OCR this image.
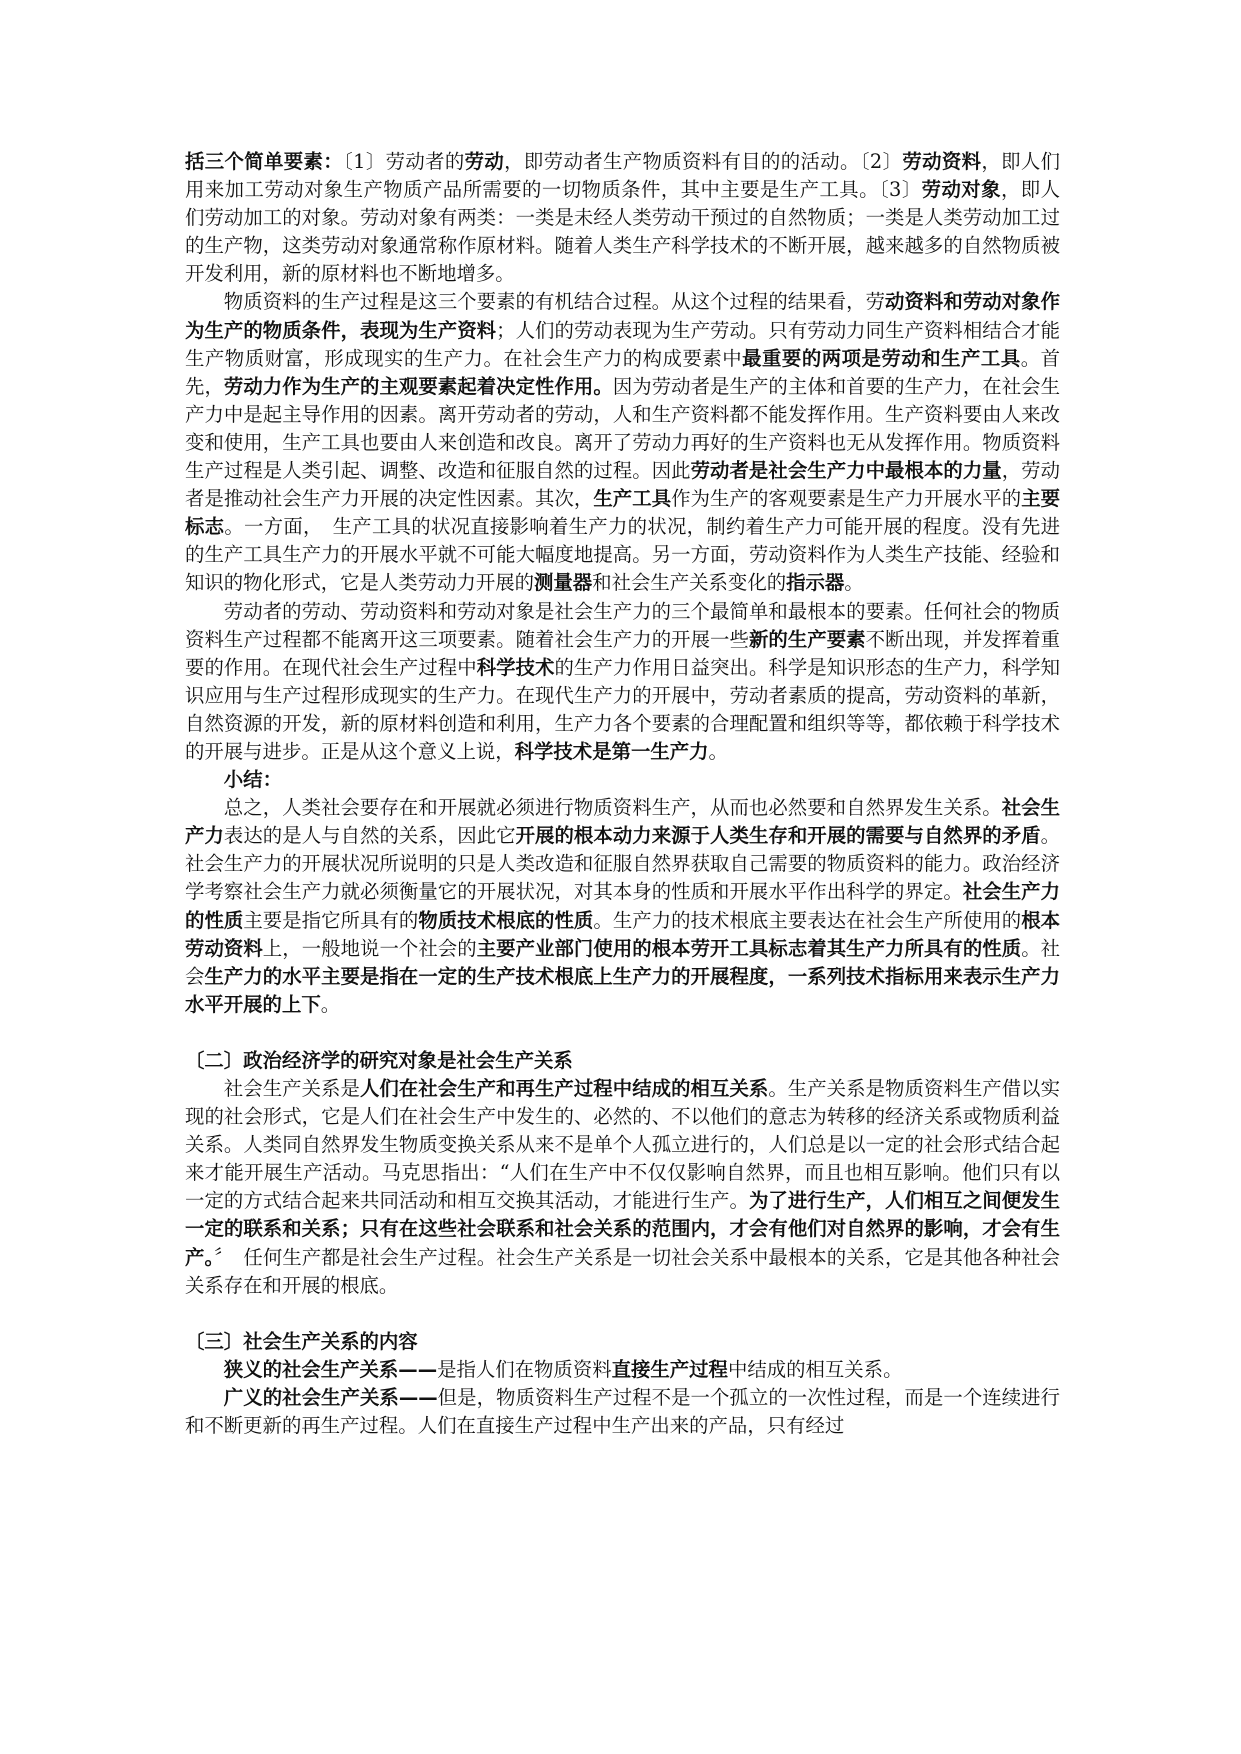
括三个简单要素：〔1〕劳动者的劳动，即劳动者生产物质资料有目的的活动。〔2〕劳动资料，即人们用来加工劳动对象生产物质产品所需要的一切物质条件，其中主要是生产工具。〔3〕劳动对象，即人们劳动加工的对象。劳动对象有两类：一类是未经人类劳动干预过的自然物质；一类是人类劳动加工过的生产物，这类劳动对象通常称作原材料。随着人类生产科学技术的不断开展，越来越多的自然物质被开发利用，新的原材料也不断地增多。

物质资料的生产过程是这三个要素的有机结合过程。从这个过程的结果看，劳动资料和劳动对象作为生产的物质条件，表现为生产资料；人们的劳动表现为生产劳动。只有劳动力同生产资料相结合才能生产物质财富，形成现实的生产力。在社会生产力的构成要素中最重要的两项是劳动和生产工具。首先，劳动力作为生产的主观要素起着决定性作用。因为劳动者是生产的主体和首要的生产力，在社会生产力中是起主导作用的因素。离开劳动者的劳动，人和生产资料都不能发挥作用。生产资料要由人来改变和使用，生产工具也要由人来创造和改良。离开了劳动力再好的生产资料也无从发挥作用。物质资料生产过程是人类引起、调整、改造和征服自然的过程。因此劳动者是社会生产力中最根本的力量，劳动者是推动社会生产力开展的决定性因素。其次，生产工具作为生产的客观要素是生产力开展水平的主要标志。一方面，　生产工具的状况直接影响着生产力的状况，制约着生产力可能开展的程度。没有先进的生产工具生产力的开展水平就不可能大幅度地提高。另一方面，劳动资料作为人类生产技能、经验和知识的物化形式，它是人类劳动力开展的测量器和社会生产关系变化的指示器。

劳动者的劳动、劳动资料和劳动对象是社会生产力的三个最简单和最根本的要素。任何社会的物质资料生产过程都不能离开这三项要素。随着社会生产力的开展一些新的生产要素不断出现，并发挥着重要的作用。在现代社会生产过程中科学技术的生产力作用日益突出。科学是知识形态的生产力，科学知识应用与生产过程形成现实的生产力。在现代生产力的开展中，劳动者素质的提高，劳动资料的革新，自然资源的开发，新的原材料创造和利用，生产力各个要素的合理配置和组织等等，都依赖于科学技术的开展与进步。正是从这个意义上说，科学技术是第一生产力。

小结：

总之，人类社会要存在和开展就必须进行物质资料生产，从而也必然要和自然界发生关系。社会生产力表达的是人与自然的关系，因此它开展的根本动力来源于人类生存和开展的需要与自然界的矛盾。社会生产力的开展状况所说明的只是人类改造和征服自然界获取自己需要的物质资料的能力。政治经济学考察社会生产力就必须衡量它的开展状况，对其本身的性质和开展水平作出科学的界定。社会生产力的性质主要是指它所具有的物质技术根底的性质。生产力的技术根底主要表达在社会生产所使用的根本劳动资料上，一般地说一个社会的主要产业部门使用的根本劳开工具标志着其生产力所具有的性质。社会生产力的水平主要是指在一定的生产技术根底上生产力的开展程度，一系列技术指标用来表示生产力水平开展的上下。

〔二〕政治经济学的研究对象是社会生产关系

社会生产关系是人们在社会生产和再生产过程中结成的相互关系。生产关系是物质资料生产借以实现的社会形式，它是人们在社会生产中发生的、必然的、不以他们的意志为转移的经济关系或物质利益关系。人类同自然界发生物质变换关系从来不是单个人孤立进行的，人们总是以一定的社会形式结合起来才能开展生产活动。马克思指出：“人们在生产中不仅仅影响自然界，而且也相互影响。他们只有以一定的方式结合起来共同活动和相互交换其活动，才能进行生产。为了进行生产，人们相互之间便发生一定的联系和关系；只有在这些社会联系和社会关系的范围内，才会有他们对自然界的影响，才会有生产。〞　任何生产都是社会生产过程。社会生产关系是一切社会关系中最根本的关系，它是其他各种社会关系存在和开展的根底。

〔三〕社会生产关系的内容

狭义的社会生产关系——是指人们在物质资料直接生产过程中结成的相互关系。

广义的社会生产关系——但是，物质资料生产过程不是一个孤立的一次性过程，而是一个连续进行和不断更新的再生产过程。人们在直接生产过程中生产出来的产品，只有经过
